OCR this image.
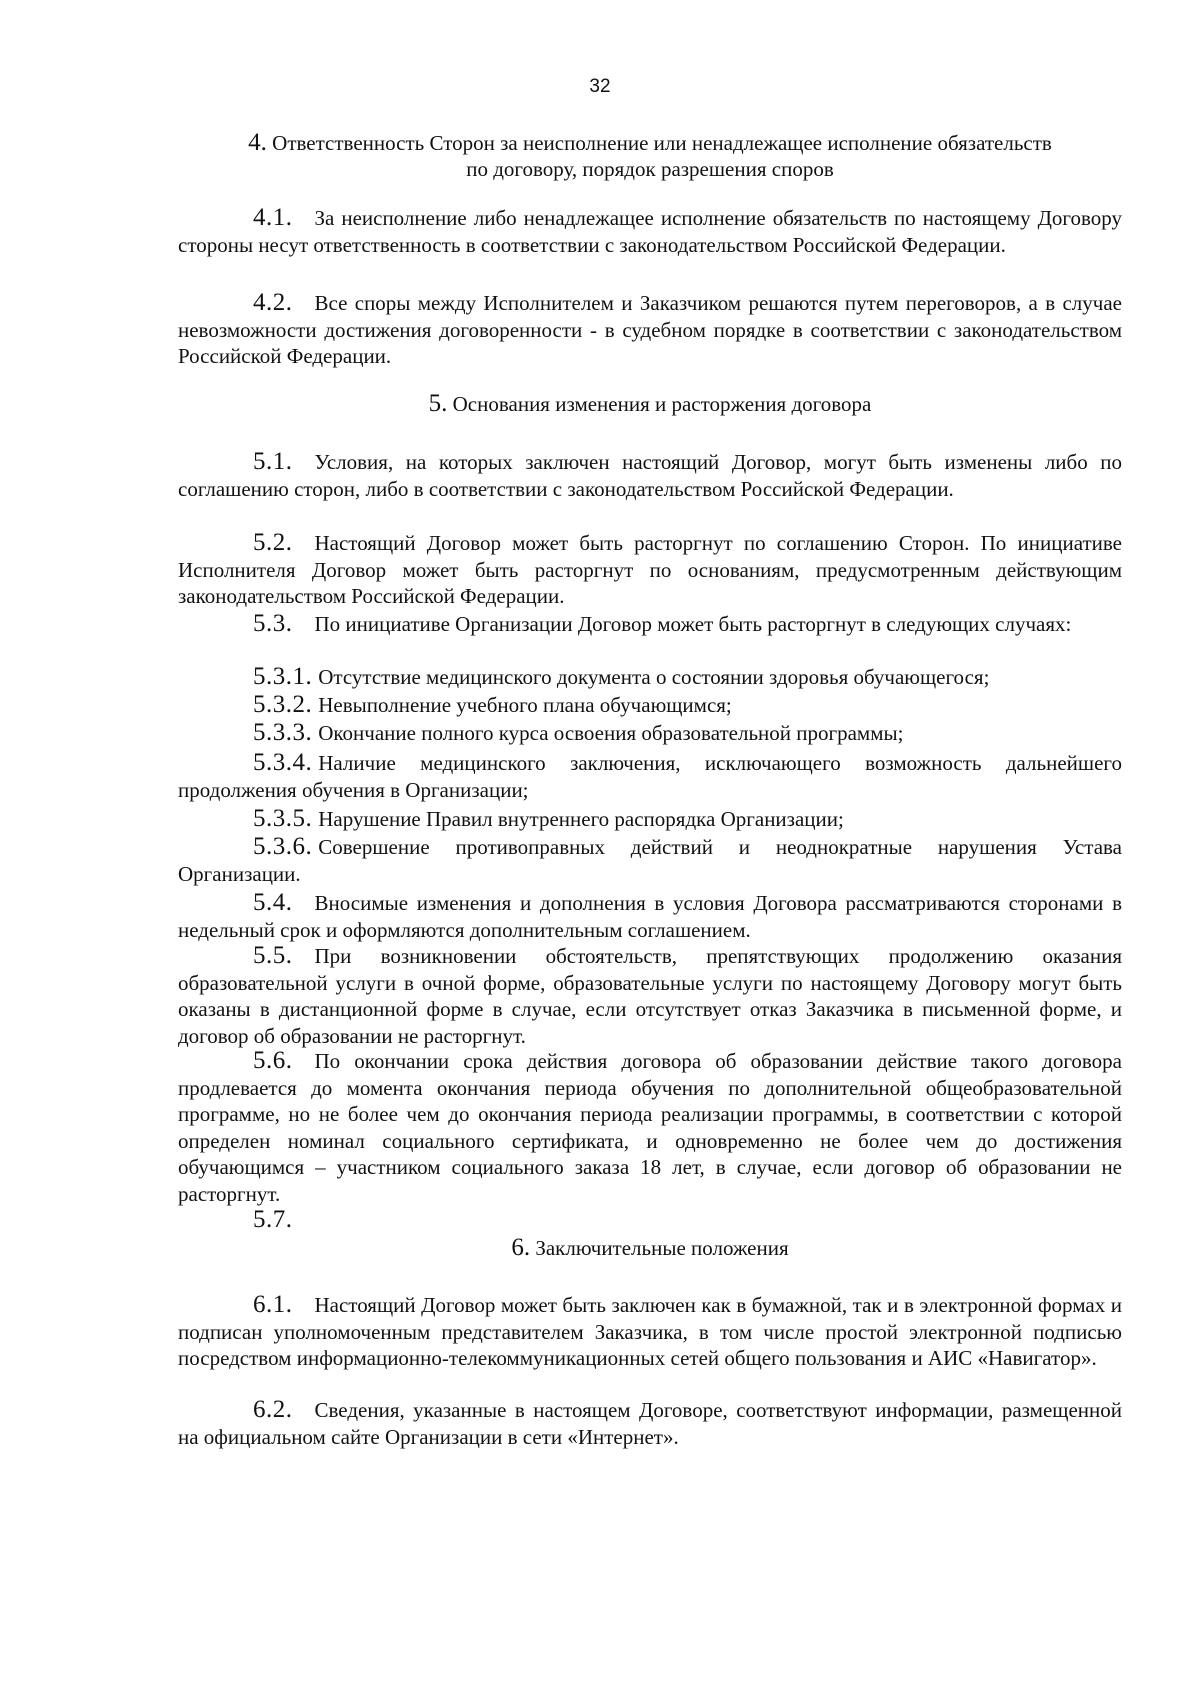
32
4. Ответственность Сторон за неисполнение или ненадлежащее исполнение обязательств
по договору, порядок разрешения споров
4.1. За неисполнение либо ненадлежащее исполнение обязательств по настоящему Договору стороны несут ответственность в соответствии с законодательством Российской Федерации.
4.2. Все споры между Исполнителем и Заказчиком решаются путем переговоров, а в случае невозможности достижения договоренности - в судебном порядке в соответствии с законодательством Российской Федерации.
5. Основания изменения и расторжения договора
5.1. Условия, на которых заключен настоящий Договор, могут быть изменены либо по соглашению сторон, либо в соответствии с законодательством Российской Федерации.
5.2. Настоящий Договор может быть расторгнут по соглашению Сторон. По инициативе Исполнителя Договор может быть расторгнут по основаниям, предусмотренным действующим законодательством Российской Федерации.
5.3. По инициативе Организации Договор может быть расторгнут в следующих случаях:
5.3.1. Отсутствие медицинского документа о состоянии здоровья обучающегося;
5.3.2. Невыполнение учебного плана обучающимся;
5.3.3. Окончание полного курса освоения образовательной программы;
5.3.4. Наличие медицинского заключения, исключающего возможность дальнейшего продолжения обучения в Организации;
5.3.5. Нарушение Правил внутреннего распорядка Организации;
5.3.6. Совершение противоправных действий и неоднократные нарушения Устава Организации.
5.4. Вносимые изменения и дополнения в условия Договора рассматриваются сторонами в недельный срок и оформляются дополнительным соглашением.
5.5. При возникновении обстоятельств, препятствующих продолжению оказания образовательной услуги в очной форме, образовательные услуги по настоящему Договору могут быть оказаны в дистанционной форме в случае, если отсутствует отказ Заказчика в письменной форме, и договор об образовании не расторгнут.
5.6. По окончании срока действия договора об образовании действие такого договора продлевается до момента окончания периода обучения по дополнительной общеобразовательной программе, но не более чем до окончания периода реализации программы, в соответствии с которой определен номинал социального сертификата, и одновременно не более чем до достижения обучающимся – участником социального заказа 18 лет, в случае, если договор об образовании не расторгнут.
5.7.
6. Заключительные положения
6.1. Настоящий Договор может быть заключен как в бумажной, так и в электронной формах и подписан уполномоченным представителем Заказчика, в том числе простой электронной подписью посредством информационно-телекоммуникационных сетей общего пользования и АИС «Навигатор».
6.2. Сведения, указанные в настоящем Договоре, соответствуют информации, размещенной на официальном сайте Организации в сети «Интернет».
